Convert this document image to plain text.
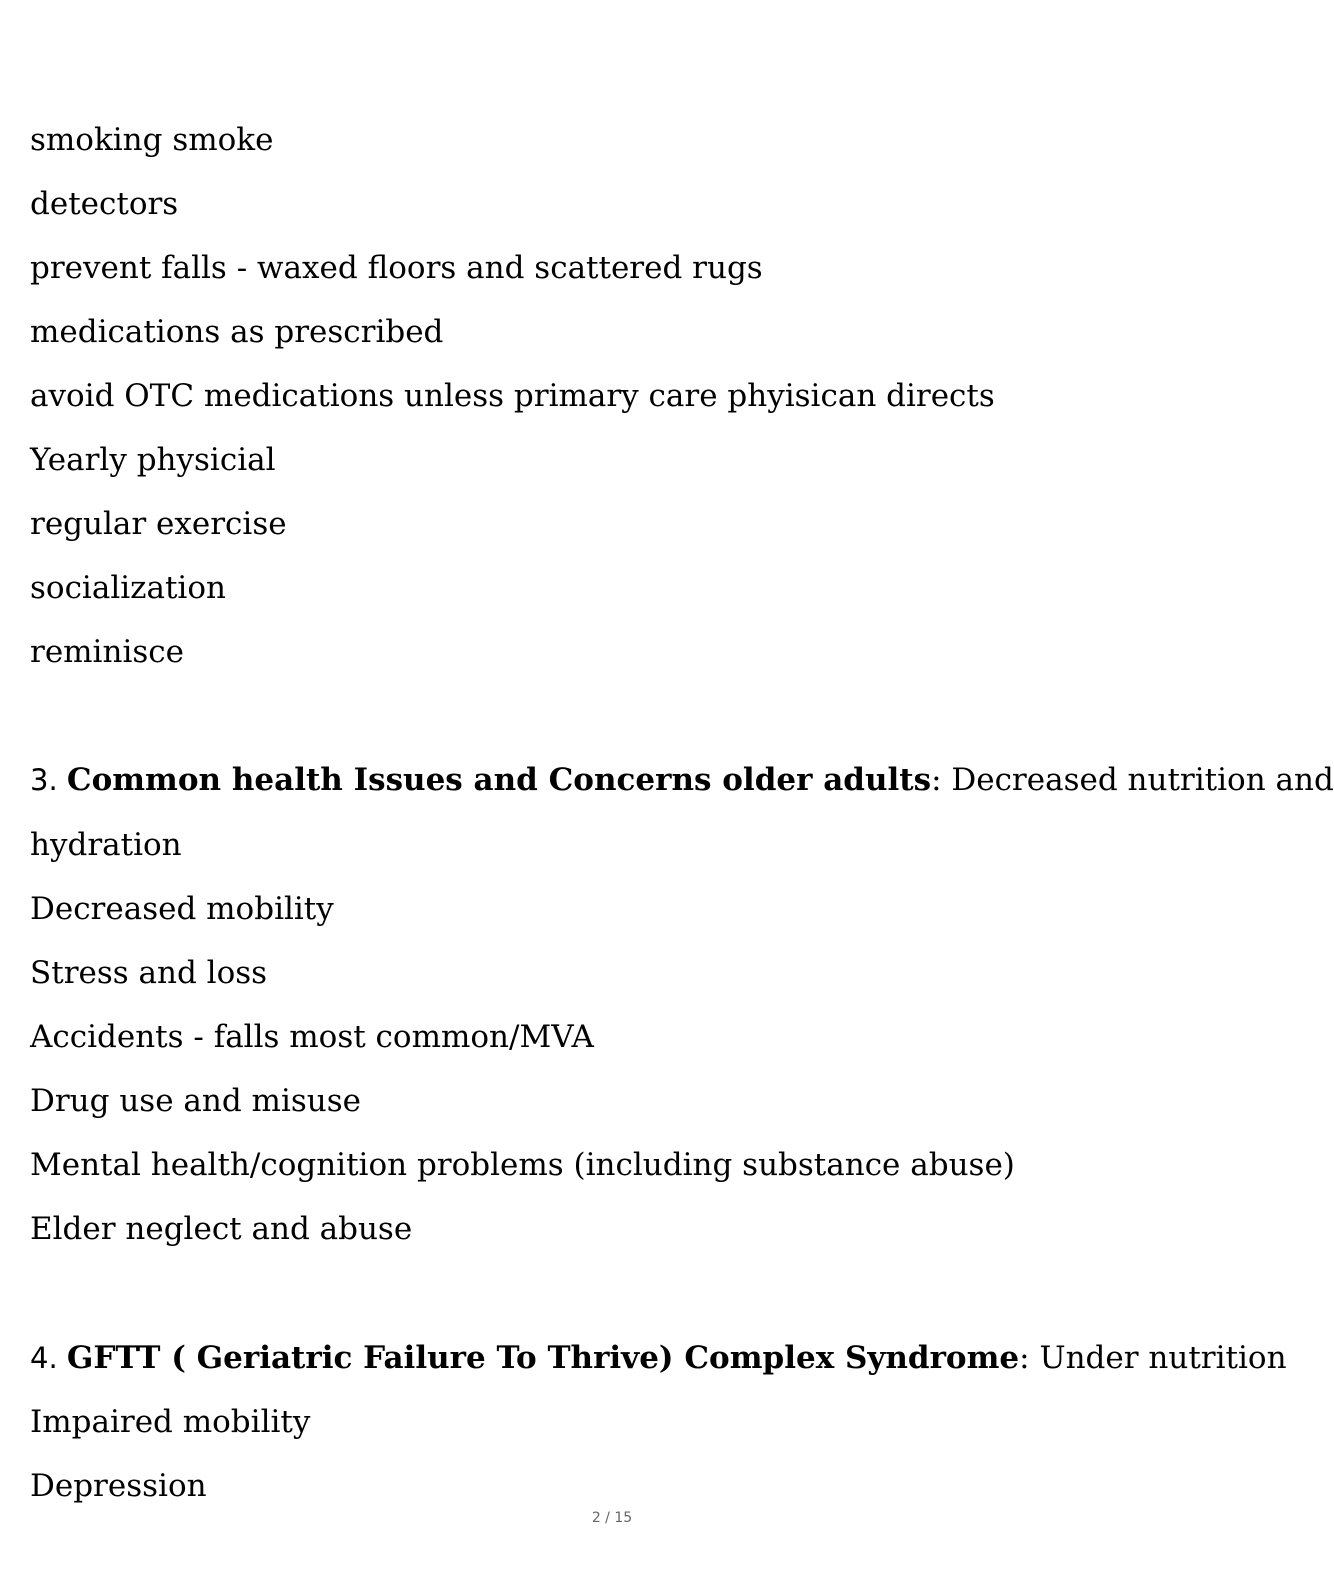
smoking smoke
detectors
prevent falls - waxed floors and scattered rugs
medications as prescribed
avoid OTC medications unless primary care phyisican directs
Yearly physicial
regular exercise
socialization
reminisce
3. Common health Issues and Concerns older adults: Decreased nutrition and
hydration
Decreased mobility
Stress and loss
Accidents - falls most common/MVA
Drug use and misuse
Mental health/cognition problems (including substance abuse)
Elder neglect and abuse
4. GFTT ( Geriatric Failure To Thrive) Complex Syndrome: Under nutrition
Impaired mobility
Depression
2 / 15
